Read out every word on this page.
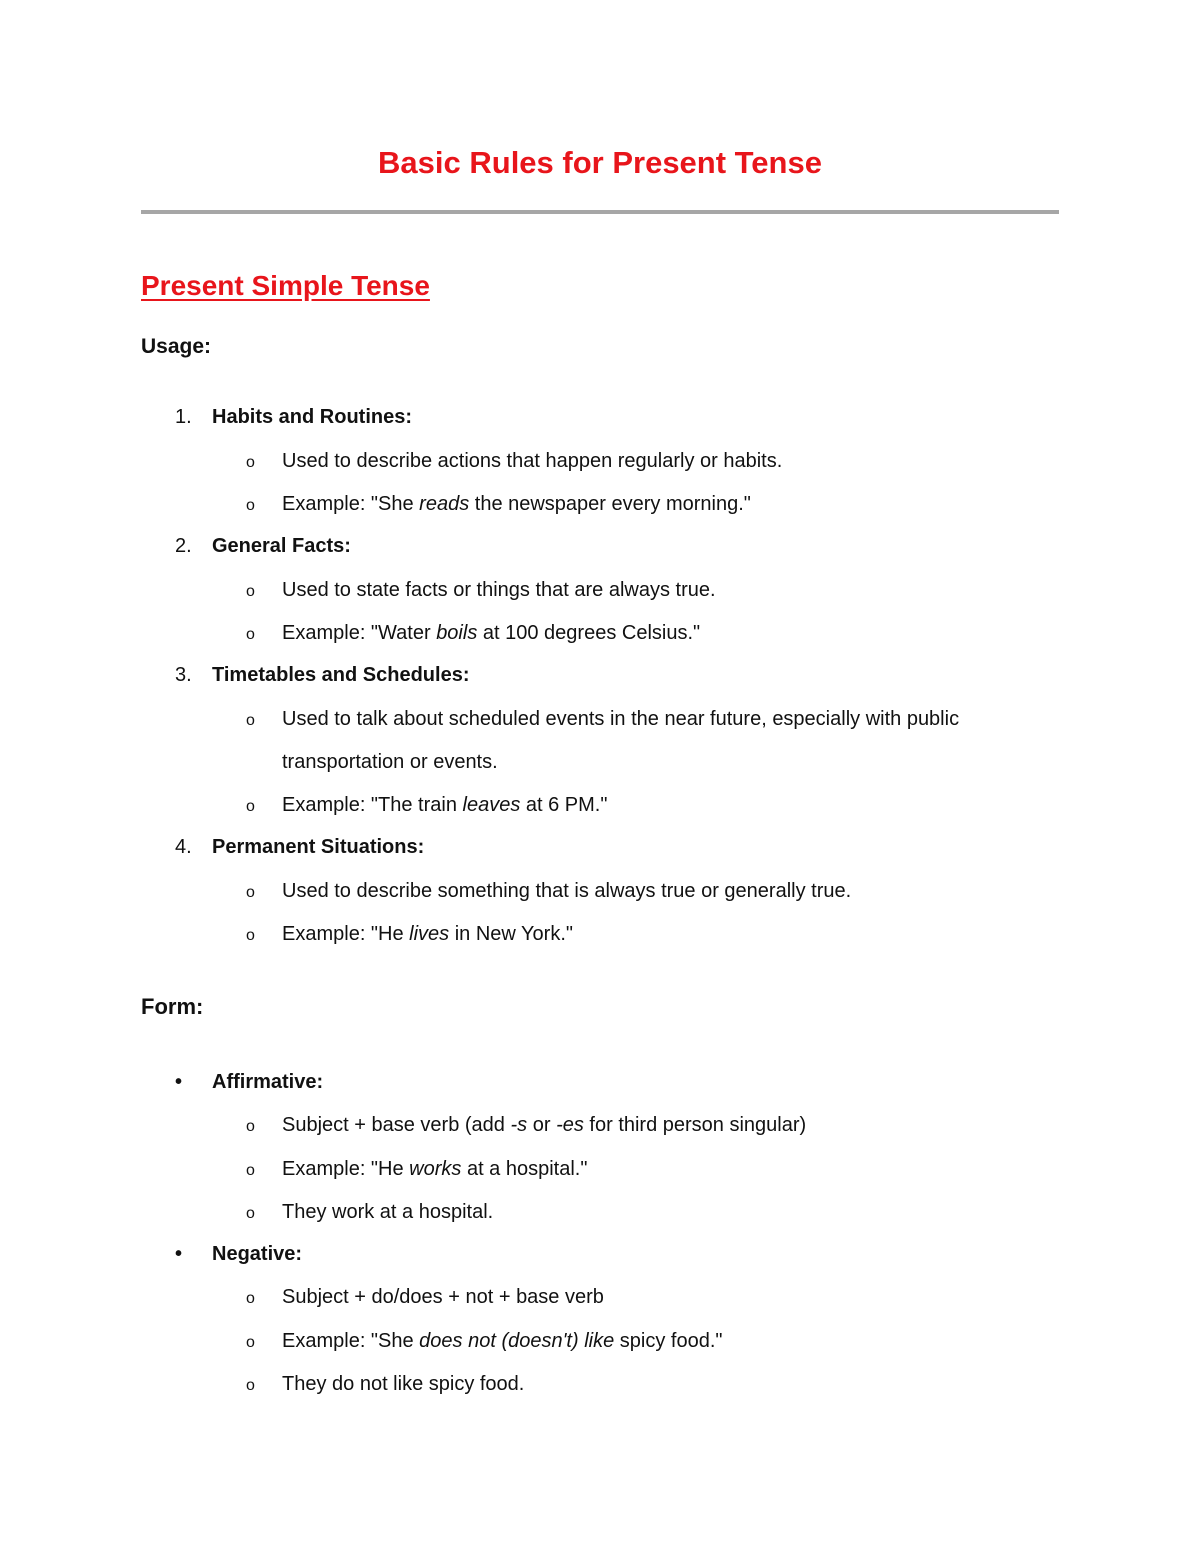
Basic Rules for Present Tense
Present Simple Tense

Usage:

1. Habits and Routines:

o Used to describe actions that happen regularly or habits.

o Example: "She reads the newspaper every morning."

2. General Facts:

o Used to state facts or things that are always true.

o Example: "Water boils at 100 degrees Celsius."

3. Timetables and Schedules:

o Used to talk about scheduled events in the near future, especially with public

transportation or events.

o Example: "The train leaves at 6 PM."

4. Permanent Situations:

o Used to describe something that is always true or generally true.

o Example: "He lives in New York."

Form:

• Affirmative:

o Subject + base verb (add -s or -es for third person singular)

o Example: "He works at a hospital."

o They work at a hospital.

• Negative:

o Subject + do/does + not + base verb

o Example: "She does not (doesn't) like spicy food."

o They do not like spicy food.
